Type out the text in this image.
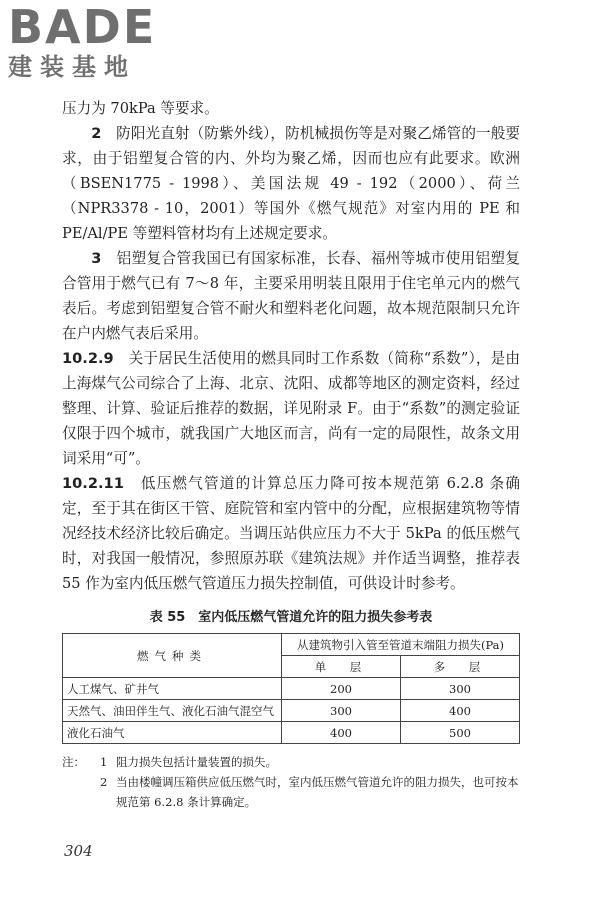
BADE
建装基地

压力为 70kPa 等要求。

2　 防阳光直射（防紫外线），防机械损伤等是对聚乙烯管的一般要求，由于铝塑复合管的内、外均为聚乙烯，因而也应有此要求。欧洲（BSEN1775 - 1998）、美国法规 49 - 192（2000）、荷兰（NPR3378 - 10，2001）等国外《燃气规范》对室内用的 PE 和 PE/Al/PE 等塑料管材均有上述规定要求。

3　 铝塑复合管我国已有国家标准，长春、福州等城市使用铝塑复合管用于燃气已有 7～8 年，主要采用明装且限用于住宅单元内的燃气表后。考虑到铝塑复合管不耐火和塑料老化问题，故本规范限制只允许在户内燃气表后采用。

10.2.9　 关于居民生活使用的燃具同时工作系数（简称“系数”），是由上海煤气公司综合了上海、北京、沈阳、成都等地区的测定资料，经过整理、计算、验证后推荐的数据，详见附录 F。由于“系数”的测定验证仅限于四个城市，就我国广大地区而言，尚有一定的局限性，故条文用词采用“可”。

10.2.11　 低压燃气管道的计算总压力降可按本规范第 6.2.8 条确定，至于其在街区干管、庭院管和室内管中的分配，应根据建筑物等情况经技术经济比较后确定。当调压站供应压力不大于 5kPa 的低压燃气时，对我国一般情况，参照原苏联《建筑法规》并作适当调整，推荐表 55 作为室内低压燃气管道压力损失控制值，可供设计时参考。

表 55　室内低压燃气管道允许的阻力损失参考表
燃气种类	从建筑物引入管至管道末端阻力损失(Pa)	
	单　层	多　层
人工煤气、矿井气	200	300
天然气、油田伴生气、液化石油气混空气	300	400
液化石油气	400	500
注：	1 阻力损失包括计量装置的损失。
2 当由楼幢调压箱供应低压燃气时，室内低压燃气管道允许的阻力损失，也可按本规范第 6.2.8 条计算确定。
304
